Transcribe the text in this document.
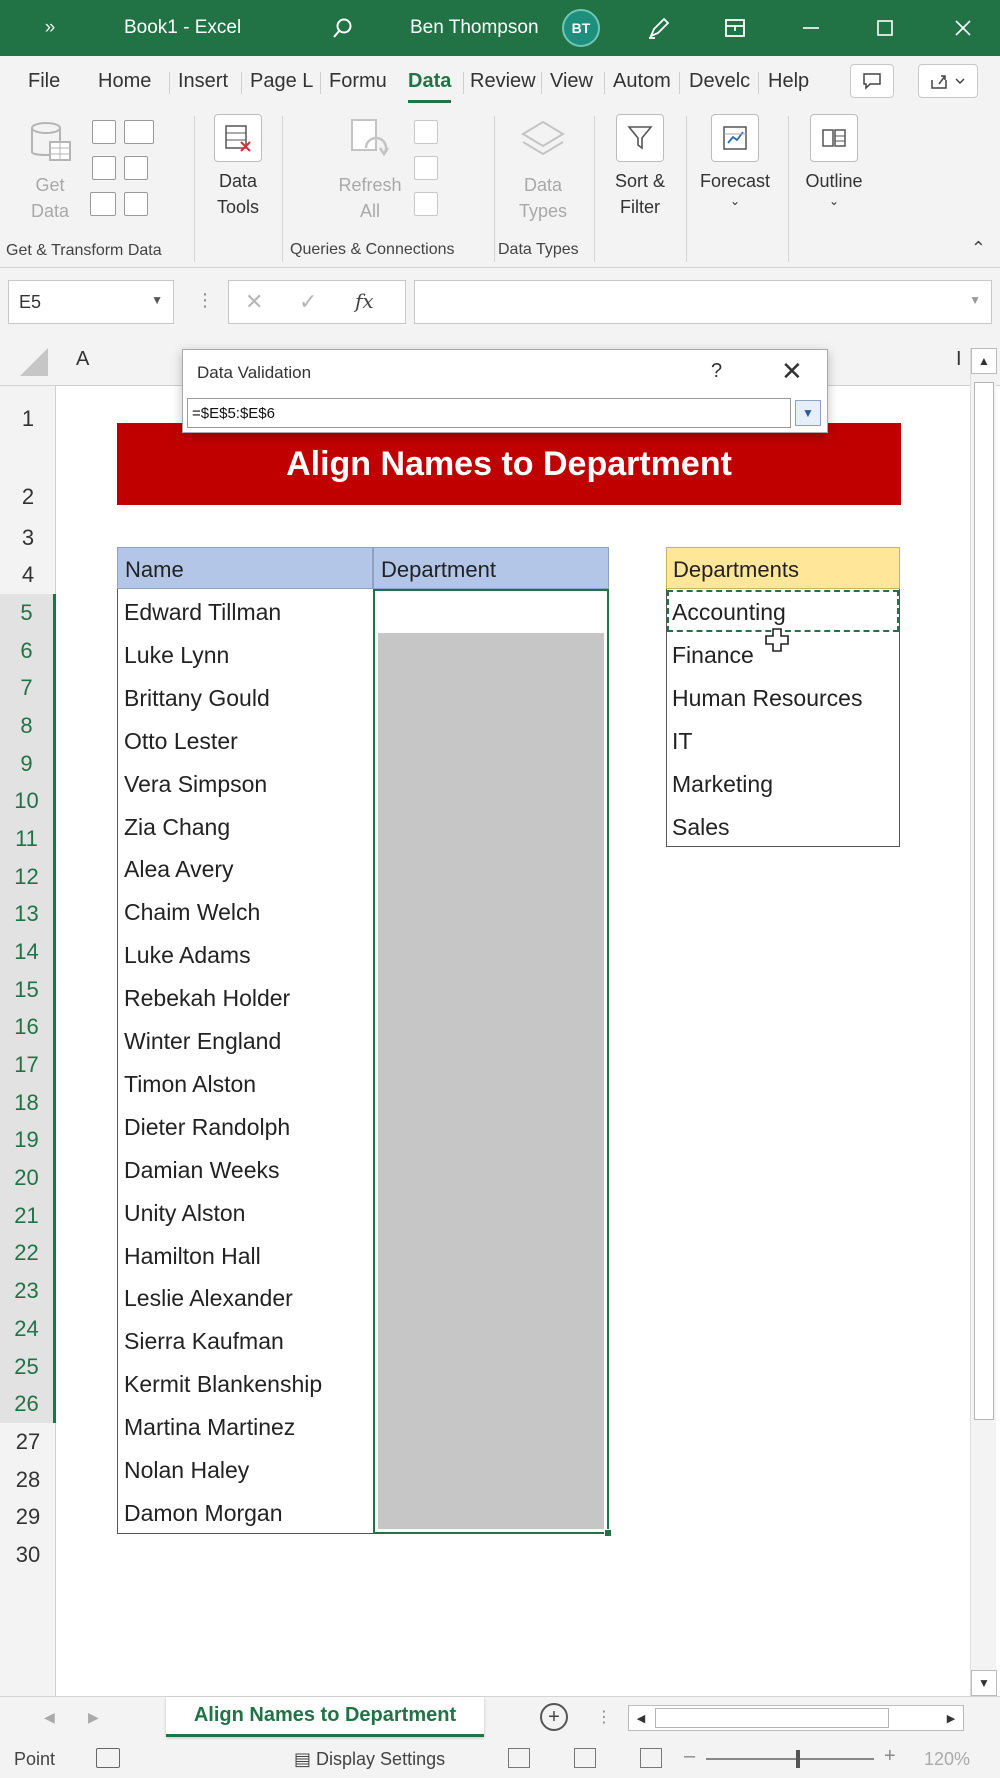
»	Book1 - Excel	Ben Thompson	BT
File Home Insert Page L Formu Data Review View Autom Develc Help
Get
Data
Get & Transform Data
Data
Tools
Refresh
All
Queries & Connections
Data
Types
Data Types
Sort &
Filter
Forecast
⌄
Outline
⌄
⌃
E5	▼ ⋮ ✕ ✓ fx	▼
A	I
1
2
3
4
5
6
7
8
9
10
11
12
13
14
15
16
17
18
19
20
21
22
23
24
25
26
27
28
29
30
Align Names to Department
Name	Department
Edward Tillman
Luke Lynn
Brittany Gould
Otto Lester
Vera Simpson
Zia Chang
Alea Avery
Chaim Welch
Luke Adams
Rebekah Holder
Winter England
Timon Alston
Dieter Randolph
Damian Weeks
Unity Alston
Hamilton Hall
Leslie Alexander
Sierra Kaufman
Kermit Blankenship
Martina Martinez
Nolan Haley
Damon Morgan
Departments
Accounting
Finance
Human Resources
IT
Marketing
Sales
Data Validation	? ✕
=$E$5:$E$6
▼
▲
▼
◀ ▶	Align Names to Department	+	⋮	◀	▶
Point	▤ Display Settings	–	+ 120%
